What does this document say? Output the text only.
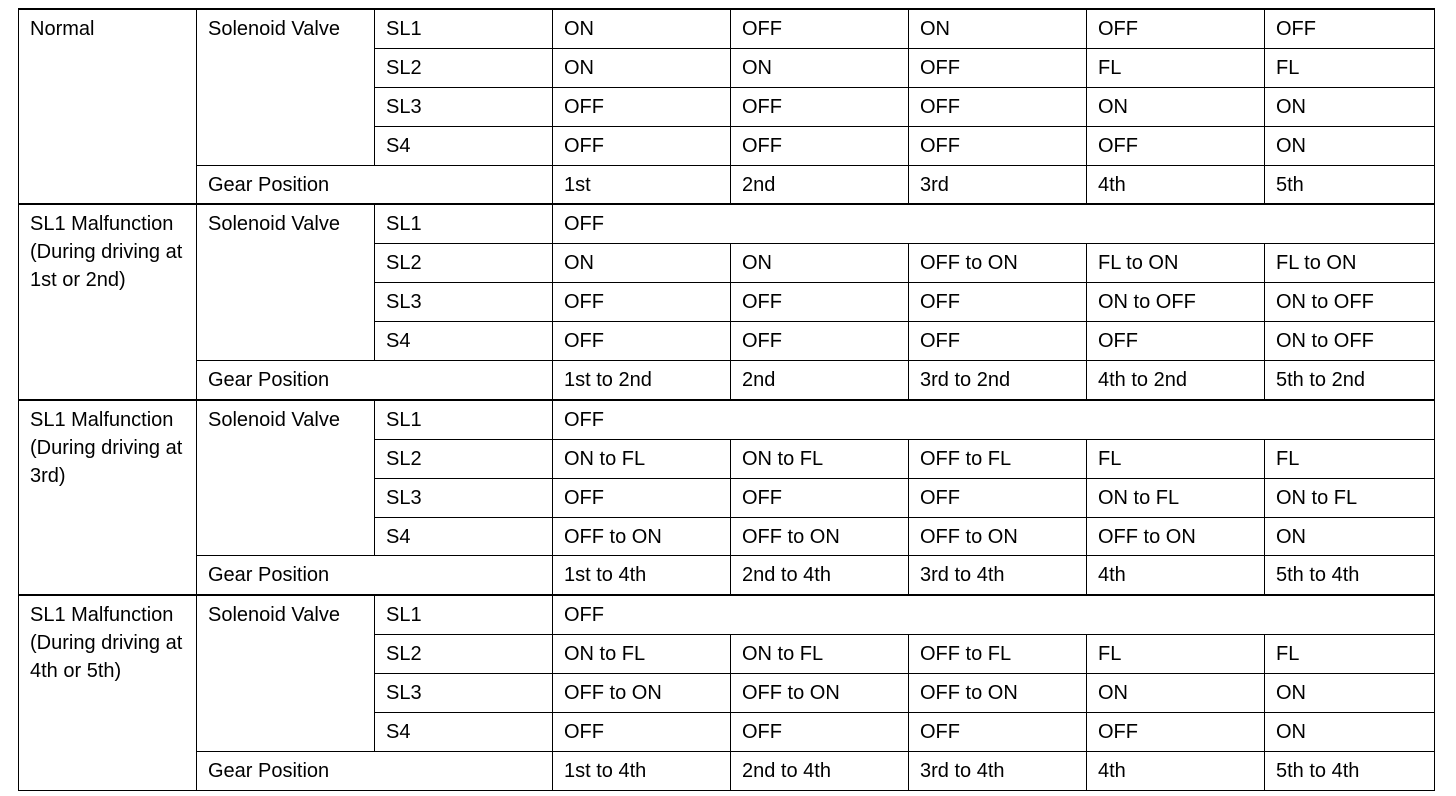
Normal	Solenoid Valve	SL1	ON	OFF	ON	OFF	OFF
		SL2	ON	ON	OFF	FL	FL
		SL3	OFF	OFF	OFF	ON	ON
		S4	OFF	OFF	OFF	OFF	ON
	Gear Position		1st	2nd	3rd	4th	5th
SL1 Malfunction (During driving at 1st or 2nd)	Solenoid Valve	SL1	OFF				
		SL2	ON	ON	OFF to ON	FL to ON	FL to ON
		SL3	OFF	OFF	OFF	ON to OFF	ON to OFF
		S4	OFF	OFF	OFF	OFF	ON to OFF
	Gear Position		1st to 2nd	2nd	3rd to 2nd	4th to 2nd	5th to 2nd
SL1 Malfunction (During driving at 3rd)	Solenoid Valve	SL1	OFF				
		SL2	ON to FL	ON to FL	OFF to FL	FL	FL
		SL3	OFF	OFF	OFF	ON to FL	ON to FL
		S4	OFF to ON	OFF to ON	OFF to ON	OFF to ON	ON
	Gear Position		1st to 4th	2nd to 4th	3rd to 4th	4th	5th to 4th
SL1 Malfunction (During driving at 4th or 5th)	Solenoid Valve	SL1	OFF				
		SL2	ON to FL	ON to FL	OFF to FL	FL	FL
		SL3	OFF to ON	OFF to ON	OFF to ON	ON	ON
		S4	OFF	OFF	OFF	OFF	ON
	Gear Position		1st to 4th	2nd to 4th	3rd to 4th	4th	5th to 4th
